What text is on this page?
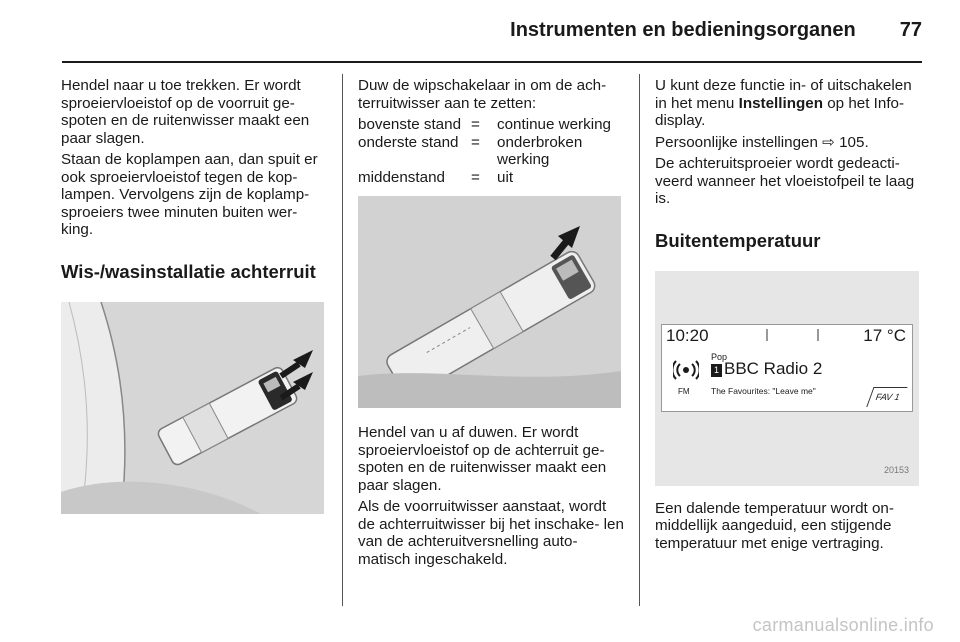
Instrumenten en bedieningsorganen 77

Hendel naar u toe trekken. Er wordt sproeiervloeistof op de voorruit ge- spoten en de ruitenwisser maakt een paar slagen.

Staan de koplampen aan, dan spuit er ook sproeiervloeistof tegen de kop- lampen. Vervolgens zijn de koplamp- sproeiers twee minuten buiten wer- king.

Wis-/wasinstallatie achterruit

Duw de wipschakelaar in om de ach- terruitwisser aan te zetten:

bovenste stand	=	continue werking
onderste stand	=	onderbroken werking
middenstand	=	uit

Hendel van u af duwen. Er wordt sproeiervloeistof op de achterruit ge- spoten en de ruitenwisser maakt een paar slagen.

Als de voorruitwisser aanstaat, wordt de achterruitwisser bij het inschake- len van de achteruitversnelling auto- matisch ingeschakeld.

U kunt deze functie in- of uitschakelen in het menu Instellingen op het Info- display.

Persoonlijke instellingen ⇨ 105.

De achteruitsproeier wordt gedeacti- veerd wanneer het vloeistofpeil te laag is.

Buitentemperatuur
10:20	17 °C
FM
Pop
1 BBC Radio 2
The Favourites: "Leave me"
FAV 1
20153

Een dalende temperatuur wordt on- middellijk aangeduid, een stijgende temperatuur met enige vertraging.

carmanualsonline.info
